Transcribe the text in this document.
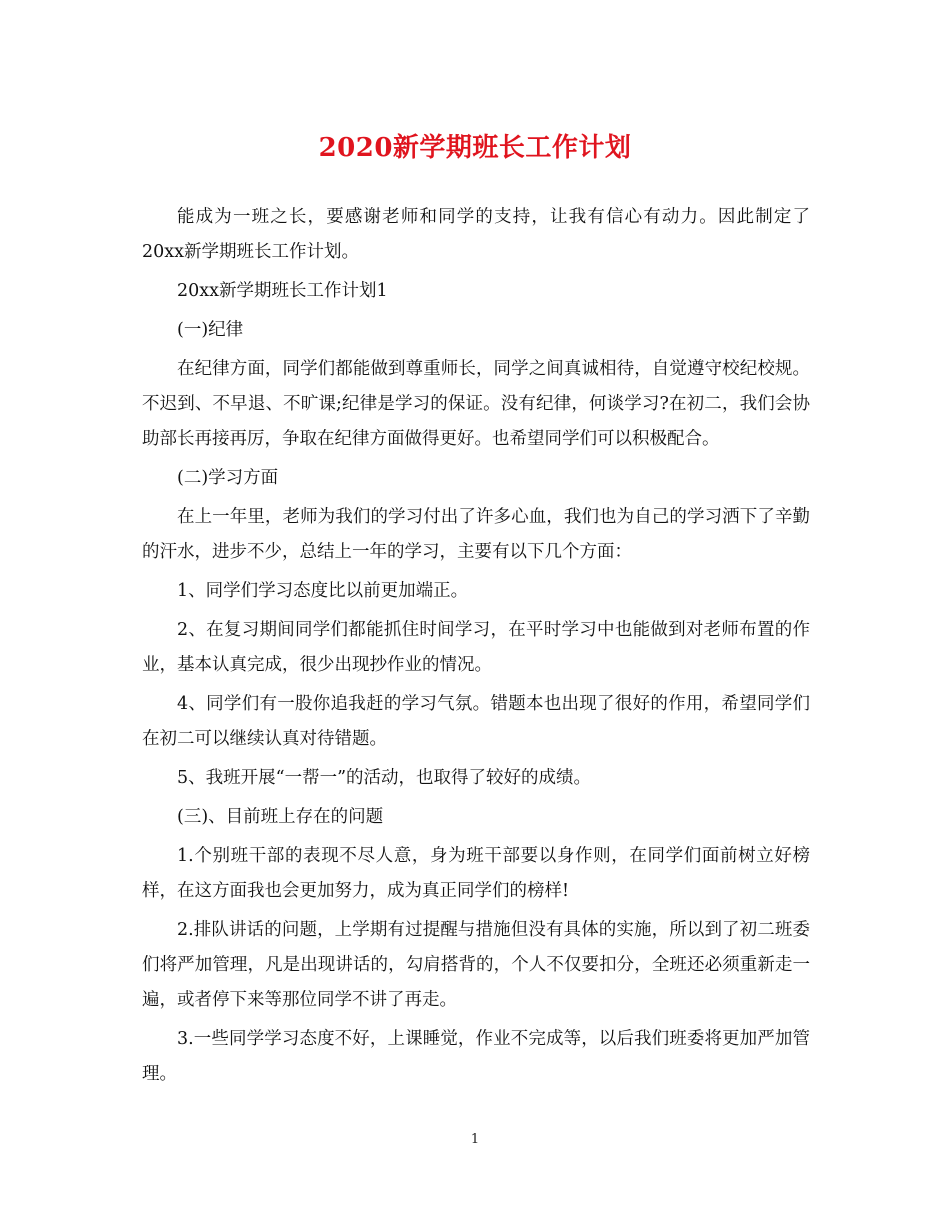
2020新学期班长工作计划

能成为一班之长，要感谢老师和同学的支持，让我有信心有动力。因此制定了20xx新学期班长工作计划。

20xx新学期班长工作计划1

(一)纪律

在纪律方面，同学们都能做到尊重师长，同学之间真诚相待，自觉遵守校纪校规。不迟到、不早退、不旷课;纪律是学习的保证。没有纪律，何谈学习?在初二，我们会协助部长再接再厉，争取在纪律方面做得更好。也希望同学们可以积极配合。

(二)学习方面

在上一年里，老师为我们的学习付出了许多心血，我们也为自己的学习洒下了辛勤的汗水，进步不少，总结上一年的学习，主要有以下几个方面：

1、同学们学习态度比以前更加端正。

2、在复习期间同学们都能抓住时间学习，在平时学习中也能做到对老师布置的作业，基本认真完成，很少出现抄作业的情况。

4、同学们有一股你追我赶的学习气氛。错题本也出现了很好的作用，希望同学们在初二可以继续认真对待错题。

5、我班开展“一帮一”的活动，也取得了较好的成绩。

(三)、目前班上存在的问题

1.个别班干部的表现不尽人意，身为班干部要以身作则，在同学们面前树立好榜样，在这方面我也会更加努力，成为真正同学们的榜样!

2.排队讲话的问题，上学期有过提醒与措施但没有具体的实施，所以到了初二班委们将严加管理，凡是出现讲话的，勾肩搭背的，个人不仅要扣分，全班还必须重新走一遍，或者停下来等那位同学不讲了再走。

3.一些同学学习态度不好，上课睡觉，作业不完成等，以后我们班委将更加严加管理。

1
